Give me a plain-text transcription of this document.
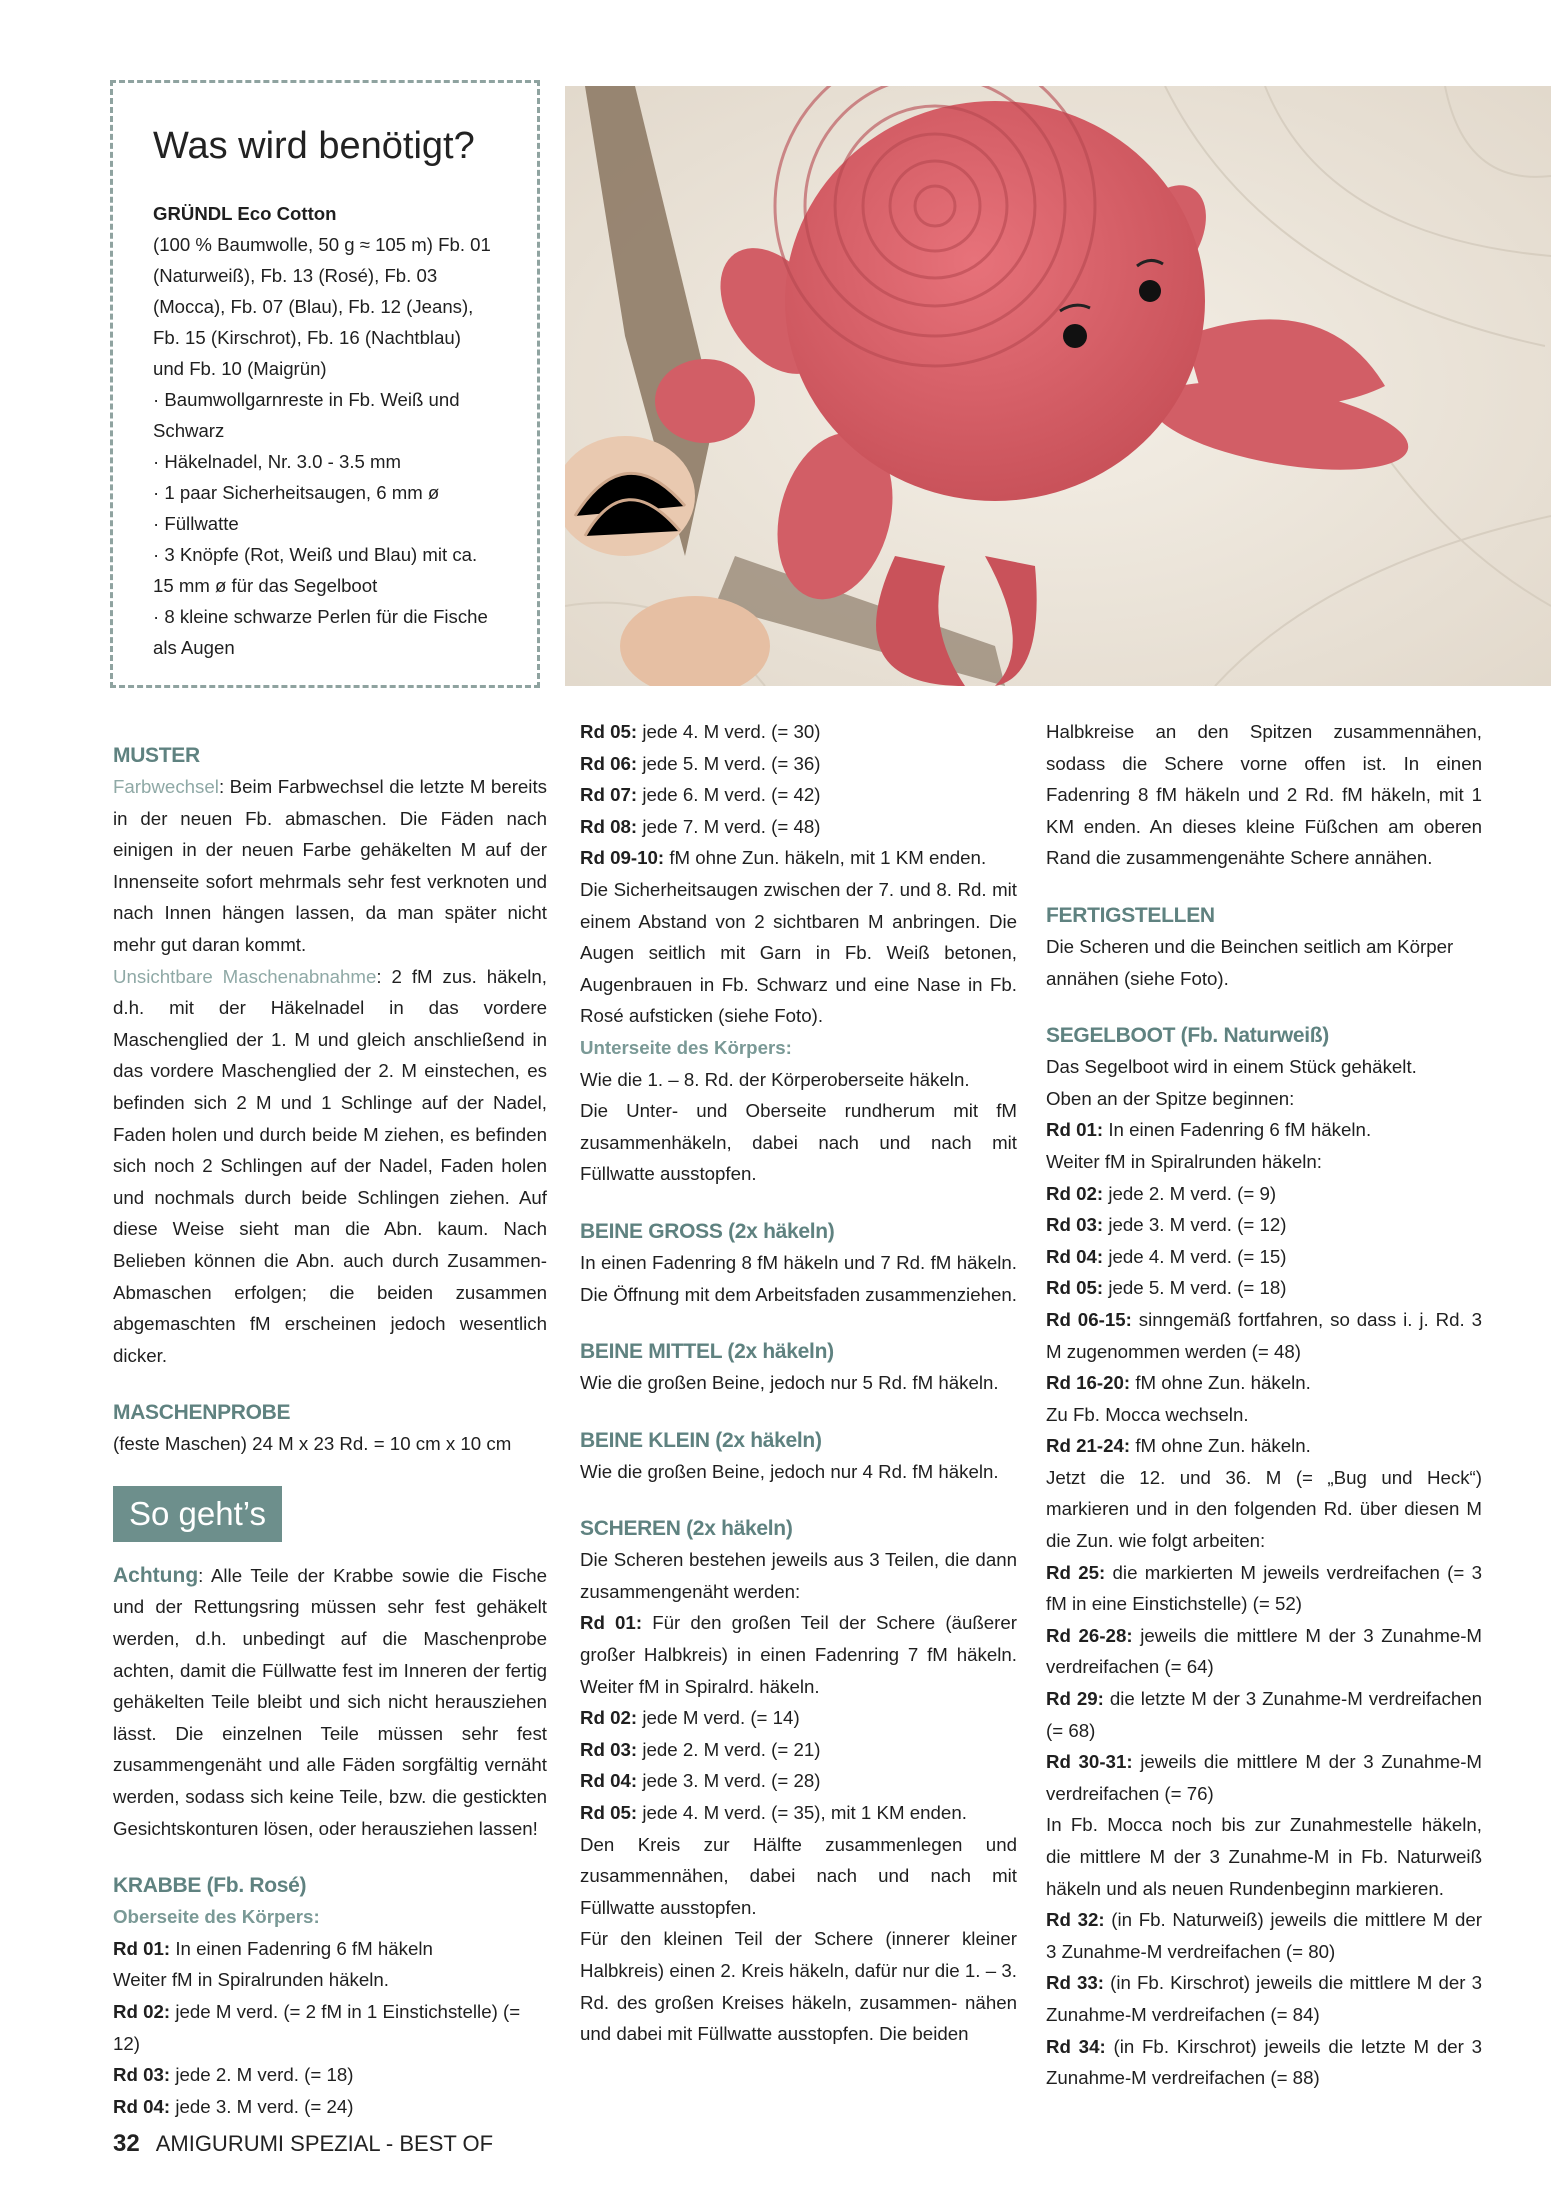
Was wird benötigt?
GRÜNDL Eco Cotton
(100 % Baumwolle, 50 g ≈ 105 m) Fb. 01 (Naturweiß), Fb. 13 (Rosé), Fb. 03 (Mocca), Fb. 07 (Blau), Fb. 12 (Jeans), Fb. 15 (Kirschrot), Fb. 16 (Nachtblau) und Fb. 10 (Maigrün)
· Baumwollgarnreste in Fb. Weiß und Schwarz
· Häkelnadel, Nr. 3.0 - 3.5 mm
· 1 paar Sicherheitsaugen, 6 mm ø
· Füllwatte
· 3 Knöpfe (Rot, Weiß und Blau) mit ca. 15 mm ø für das Segelboot
· 8 kleine schwarze Perlen für die Fische als Augen

MUSTER

Farbwechsel: Beim Farbwechsel die letzte M bereits in der neuen Fb. abmaschen. Die Fäden nach einigen in der neuen Farbe gehäkelten M auf der Innenseite sofort mehrmals sehr fest verknoten und nach Innen hängen lassen, da man später nicht mehr gut daran kommt.

Unsichtbare Maschenabnahme: 2 fM zus. häkeln, d.h. mit der Häkelnadel in das vordere Maschenglied der 1. M und gleich anschließend in das vordere Maschenglied der 2. M einstechen, es befinden sich 2 M und 1 Schlinge auf der Nadel, Faden holen und durch beide M ziehen, es befinden sich noch 2 Schlingen auf der Nadel, Faden holen und nochmals durch beide Schlingen ziehen. Auf diese Weise sieht man die Abn. kaum. Nach Belieben können die Abn. auch durch Zusammen-Abmaschen erfolgen; die beiden zusammen abgemaschten fM erscheinen jedoch wesentlich dicker.

MASCHENPROBE

(feste Maschen) 24 M x 23 Rd. = 10 cm x 10 cm

So geht’s

Achtung: Alle Teile der Krabbe sowie die Fische und der Rettungsring müssen sehr fest gehäkelt werden, d.h. unbedingt auf die Maschenprobe achten, damit die Füllwatte fest im Inneren der fertig gehäkelten Teile bleibt und sich nicht herausziehen lässt. Die einzelnen Teile müssen sehr fest zusammengenäht und alle Fäden sorgfältig vernäht werden, sodass sich keine Teile, bzw. die gestickten Gesichtskonturen lösen, oder herausziehen lassen!

KRABBE (Fb. Rosé)

Oberseite des Körpers:

Rd 01: In einen Fadenring 6 fM häkeln

Weiter fM in Spiralrunden häkeln.

Rd 02: jede M verd. (= 2 fM in 1 Einstichstelle) (= 12)

Rd 03: jede 2. M verd. (= 18)

Rd 04: jede 3. M verd. (= 24)

Rd 05: jede 4. M verd. (= 30)

Rd 06: jede 5. M verd. (= 36)

Rd 07: jede 6. M verd. (= 42)

Rd 08: jede 7. M verd. (= 48)

Rd 09-10: fM ohne Zun. häkeln, mit 1 KM enden.

Die Sicherheitsaugen zwischen der 7. und 8. Rd. mit einem Abstand von 2 sichtbaren M anbringen. Die Augen seitlich mit Garn in Fb. Weiß betonen, Augenbrauen in Fb. Schwarz und eine Nase in Fb. Rosé aufsticken (siehe Foto).

Unterseite des Körpers:

Wie die 1. – 8. Rd. der Körperoberseite häkeln.

Die Unter- und Oberseite rundherum mit fM zusammenhäkeln, dabei nach und nach mit Füllwatte ausstopfen.

BEINE GROSS (2x häkeln)

In einen Fadenring 8 fM häkeln und 7 Rd. fM häkeln. Die Öffnung mit dem Arbeitsfaden zusammenziehen.

BEINE MITTEL (2x häkeln)

Wie die großen Beine, jedoch nur 5 Rd. fM häkeln.

BEINE KLEIN (2x häkeln)

Wie die großen Beine, jedoch nur 4 Rd. fM häkeln.

SCHEREN (2x häkeln)

Die Scheren bestehen jeweils aus 3 Teilen, die dann zusammengenäht werden:

Rd 01: Für den großen Teil der Schere (äußerer großer Halbkreis) in einen Fadenring 7 fM häkeln. Weiter fM in Spiralrd. häkeln.

Rd 02: jede M verd. (= 14)

Rd 03: jede 2. M verd. (= 21)

Rd 04: jede 3. M verd. (= 28)

Rd 05: jede 4. M verd. (= 35), mit 1 KM enden.

Den Kreis zur Hälfte zusammenlegen und zusammennähen, dabei nach und nach mit Füllwatte ausstopfen.

Für den kleinen Teil der Schere (innerer kleiner Halbkreis) einen 2. Kreis häkeln, dafür nur die 1. – 3. Rd. des großen Kreises häkeln, zusammen- nähen und dabei mit Füllwatte ausstopfen. Die beiden

Halbkreise an den Spitzen zusammennähen, sodass die Schere vorne offen ist. In einen Fadenring 8 fM häkeln und 2 Rd. fM häkeln, mit 1 KM enden. An dieses kleine Füßchen am oberen Rand die zusammengenähte Schere annähen.

FERTIGSTELLEN

Die Scheren und die Beinchen seitlich am Körper annähen (siehe Foto).

SEGELBOOT (Fb. Naturweiß)

Das Segelboot wird in einem Stück gehäkelt.

Oben an der Spitze beginnen:

Rd 01: In einen Fadenring 6 fM häkeln.

Weiter fM in Spiralrunden häkeln:

Rd 02: jede 2. M verd. (= 9)

Rd 03: jede 3. M verd. (= 12)

Rd 04: jede 4. M verd. (= 15)

Rd 05: jede 5. M verd. (= 18)

Rd 06-15: sinngemäß fortfahren, so dass i. j. Rd. 3 M zugenommen werden (= 48)

Rd 16-20: fM ohne Zun. häkeln.

Zu Fb. Mocca wechseln.

Rd 21-24: fM ohne Zun. häkeln.

Jetzt die 12. und 36. M (= „Bug und Heck“) markieren und in den folgenden Rd. über diesen M die Zun. wie folgt arbeiten:

Rd 25: die markierten M jeweils verdreifachen (= 3 fM in eine Einstichstelle) (= 52)

Rd 26-28: jeweils die mittlere M der 3 Zunahme-M verdreifachen (= 64)

Rd 29: die letzte M der 3 Zunahme-M verdreifachen (= 68)

Rd 30-31: jeweils die mittlere M der 3 Zunahme-M verdreifachen (= 76)

In Fb. Mocca noch bis zur Zunahmestelle häkeln, die mittlere M der 3 Zunahme-M in Fb. Naturweiß häkeln und als neuen Rundenbeginn markieren.

Rd 32: (in Fb. Naturweiß) jeweils die mittlere M der 3 Zunahme-M verdreifachen (= 80)

Rd 33: (in Fb. Kirschrot) jeweils die mittlere M der 3 Zunahme-M verdreifachen (= 84)

Rd 34: (in Fb. Kirschrot) jeweils die letzte M der 3 Zunahme-M verdreifachen (= 88)

32 AMIGURUMI SPEZIAL - BEST OF
